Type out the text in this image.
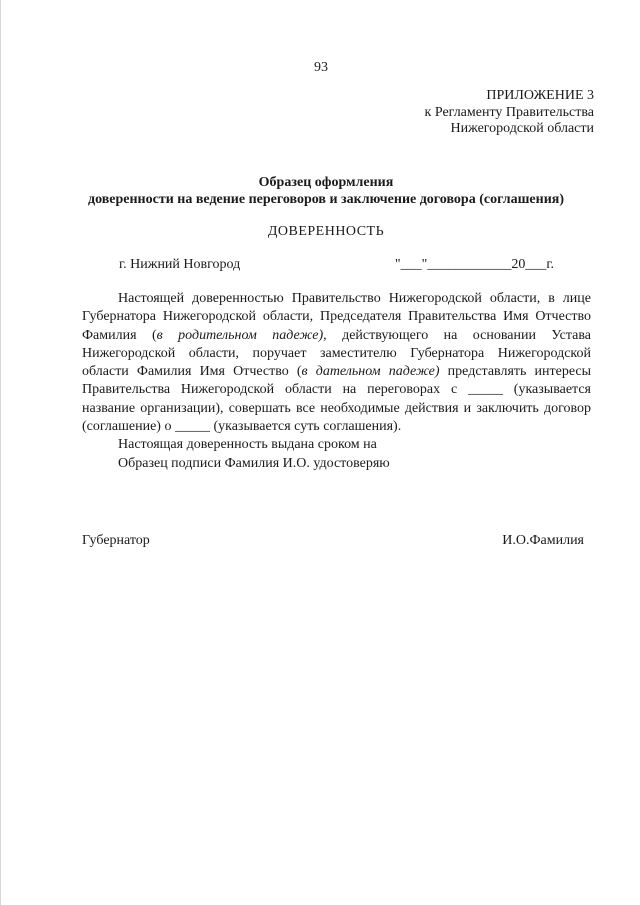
93
ПРИЛОЖЕНИЕ 3
к Регламенту Правительства
Нижегородской области
Образец оформления
доверенности на ведение переговоров и заключение договора (соглашения)
ДОВЕРЕННОСТЬ
г. Нижний Новгород	"___"____________20___г.

Настоящей доверенностью Правительство Нижегородской области, в лице Губернатора Нижегородской области, Председателя Правительства Имя Отчество Фамилия (в родительном падеже), действующего на основании Устава Нижегородской области, поручает заместителю Губернатора Нижегородской области Фамилия Имя Отчество (в дательном падеже) представлять интересы Правительства Нижегородской области на переговорах с _____ (указывается название организации), совершать все необходимые действия и заключить договор (соглашение) о _____ (указывается суть соглашения).

Настоящая доверенность выдана сроком на

Образец подписи Фамилия И.О. удостоверяю

Губернатор	И.О.Фамилия
